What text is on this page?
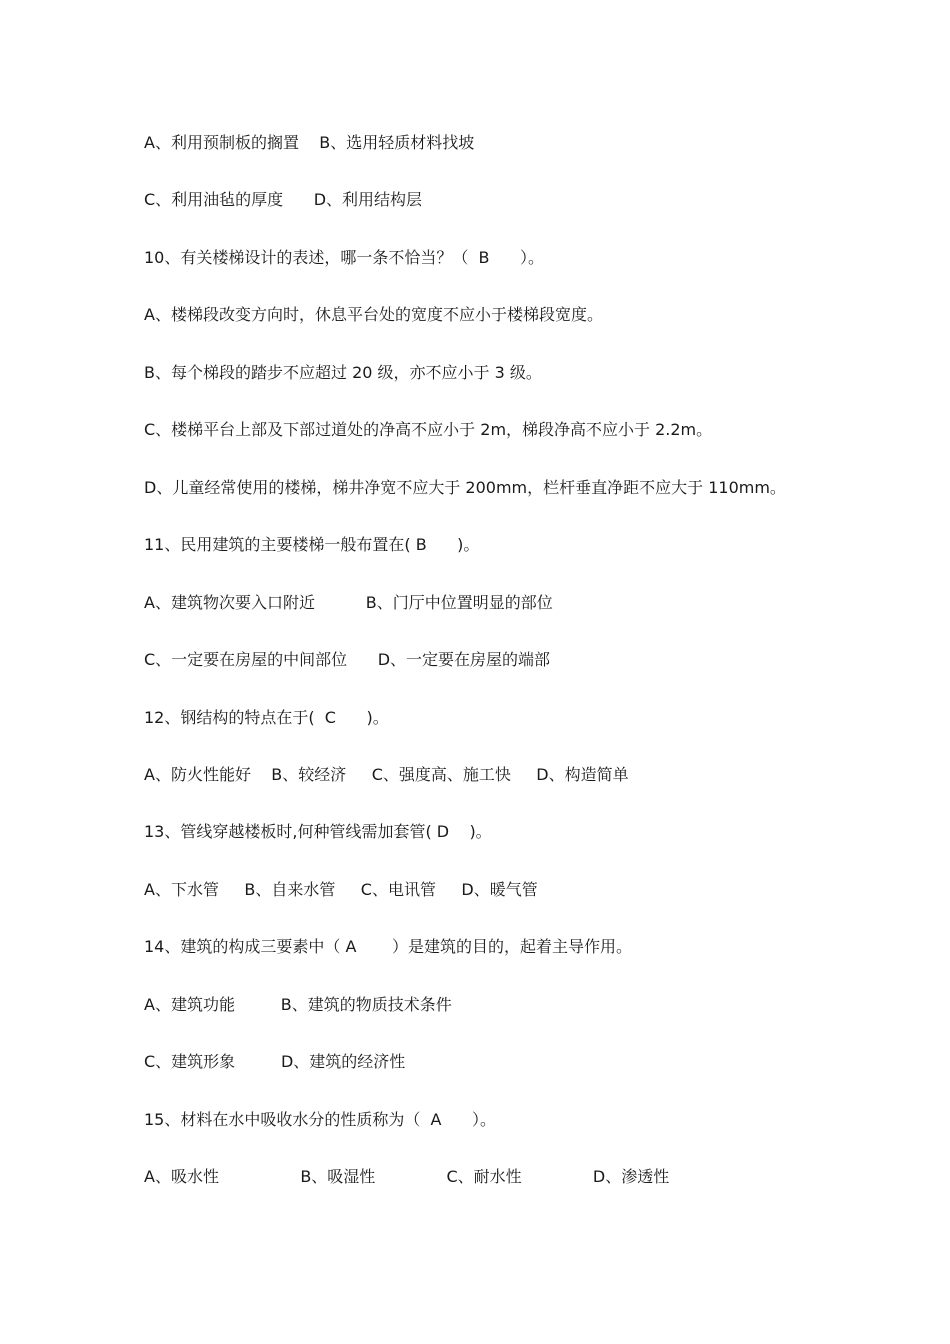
A、利用预制板的搁置    B、选用轻质材料找坡
C、利用油毡的厚度      D、利用结构层
10、有关楼梯设计的表述，哪一条不恰当？（  B      ）。
A、楼梯段改变方向时，休息平台处的宽度不应小于楼梯段宽度。
B、每个梯段的踏步不应超过 20 级，亦不应小于 3 级。
C、楼梯平台上部及下部过道处的净高不应小于 2m，梯段净高不应小于 2.2m。
D、儿童经常使用的楼梯，梯井净宽不应大于 200mm，栏杆垂直净距不应大于 110mm。
11、民用建筑的主要楼梯一般布置在( B      )。
A、建筑物次要入口附近          B、门厅中位置明显的部位
C、一定要在房屋的中间部位      D、一定要在房屋的端部
12、钢结构的特点在于(  C      )。
A、防火性能好    B、较经济     C、强度高、施工快     D、构造简单
13、管线穿越楼板时,何种管线需加套管( D    )。
A、下水管     B、自来水管     C、电讯管     D、暖气管
14、建筑的构成三要素中（ A       ）是建筑的目的，起着主导作用。
A、建筑功能         B、建筑的物质技术条件
C、建筑形象         D、建筑的经济性
15、材料在水中吸收水分的性质称为（  A      ）。
A、吸水性                B、吸湿性              C、耐水性              D、渗透性
